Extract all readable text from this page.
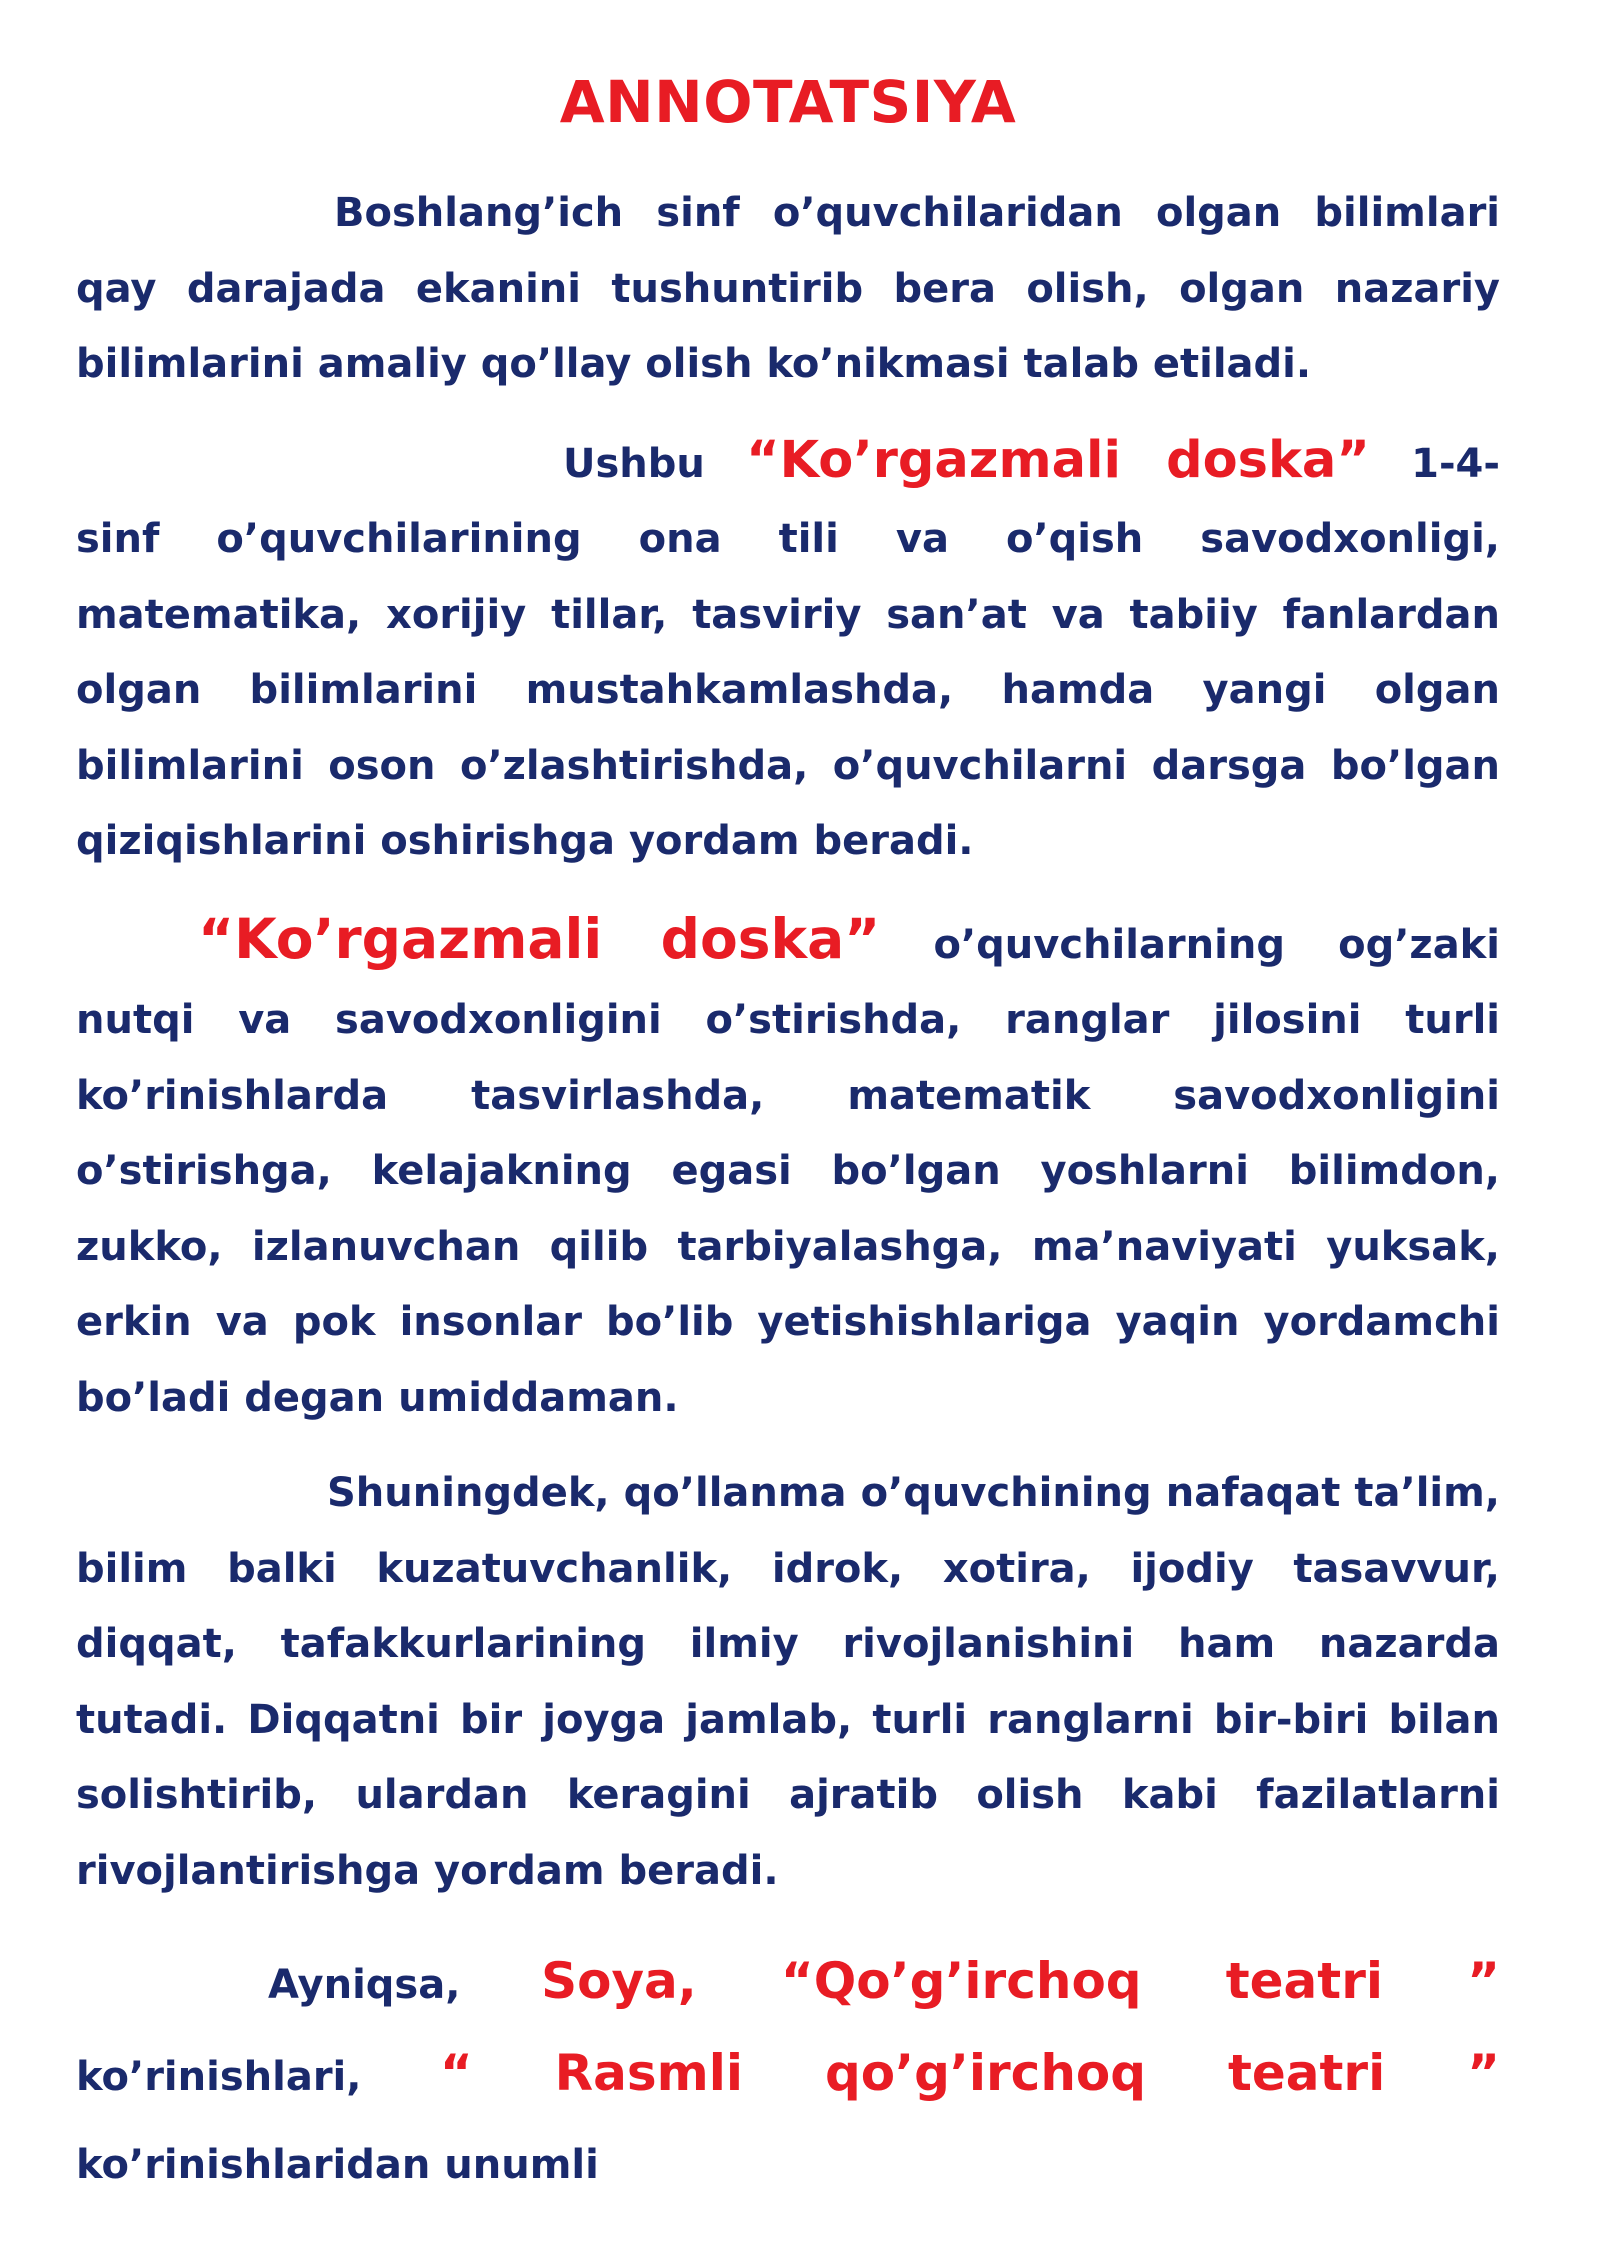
ANNOTATSIYA

Boshlang’ich sinf o’quvchilaridan olgan bilimlari qay darajada ekanini tushuntirib bera olish, olgan nazariy bilimlarini amaliy qo’llay olish ko’nikmasi talab etiladi.

Ushbu “Ko’rgazmali doska” 1-4-sinf o’quvchilarining ona tili va o’qish savodxonligi, matematika, xorijiy tillar, tasviriy san’at va tabiiy fanlardan olgan bilimlarini mustahkamlashda, hamda yangi olgan bilimlarini oson o’zlashtirishda, o’quvchilarni darsga bo’lgan qiziqishlarini oshirishga yordam beradi.

“Ko’rgazmali doska” o’quvchilarning og’zaki nutqi va savodxonligini o’stirishda, ranglar jilosini turli ko’rinishlarda tasvirlashda, matematik savodxonligini o’stirishga, kelajakning egasi bo’lgan yoshlarni bilimdon, zukko, izlanuvchan qilib tarbiyalashga, ma’naviyati yuksak, erkin va pok insonlar bo’lib yetishishlariga yaqin yordamchi bo’ladi degan umiddaman.

Shuningdek, qo’llanma o’quvchining nafaqat ta’lim, bilim balki kuzatuvchanlik, idrok, xotira, ijodiy tasavvur, diqqat, tafakkurlarining ilmiy rivojlanishini ham nazarda tutadi. Diqqatni bir joyga jamlab, turli ranglarni bir-biri bilan solishtirib, ulardan keragini ajratib olish kabi fazilatlarni rivojlantirishga yordam beradi.

Ayniqsa, Soya, “Qo’g’irchoq teatri ” ko’rinishlari, “ Rasmli qo’g’irchoq teatri ” ko’rinishlaridan unumli
